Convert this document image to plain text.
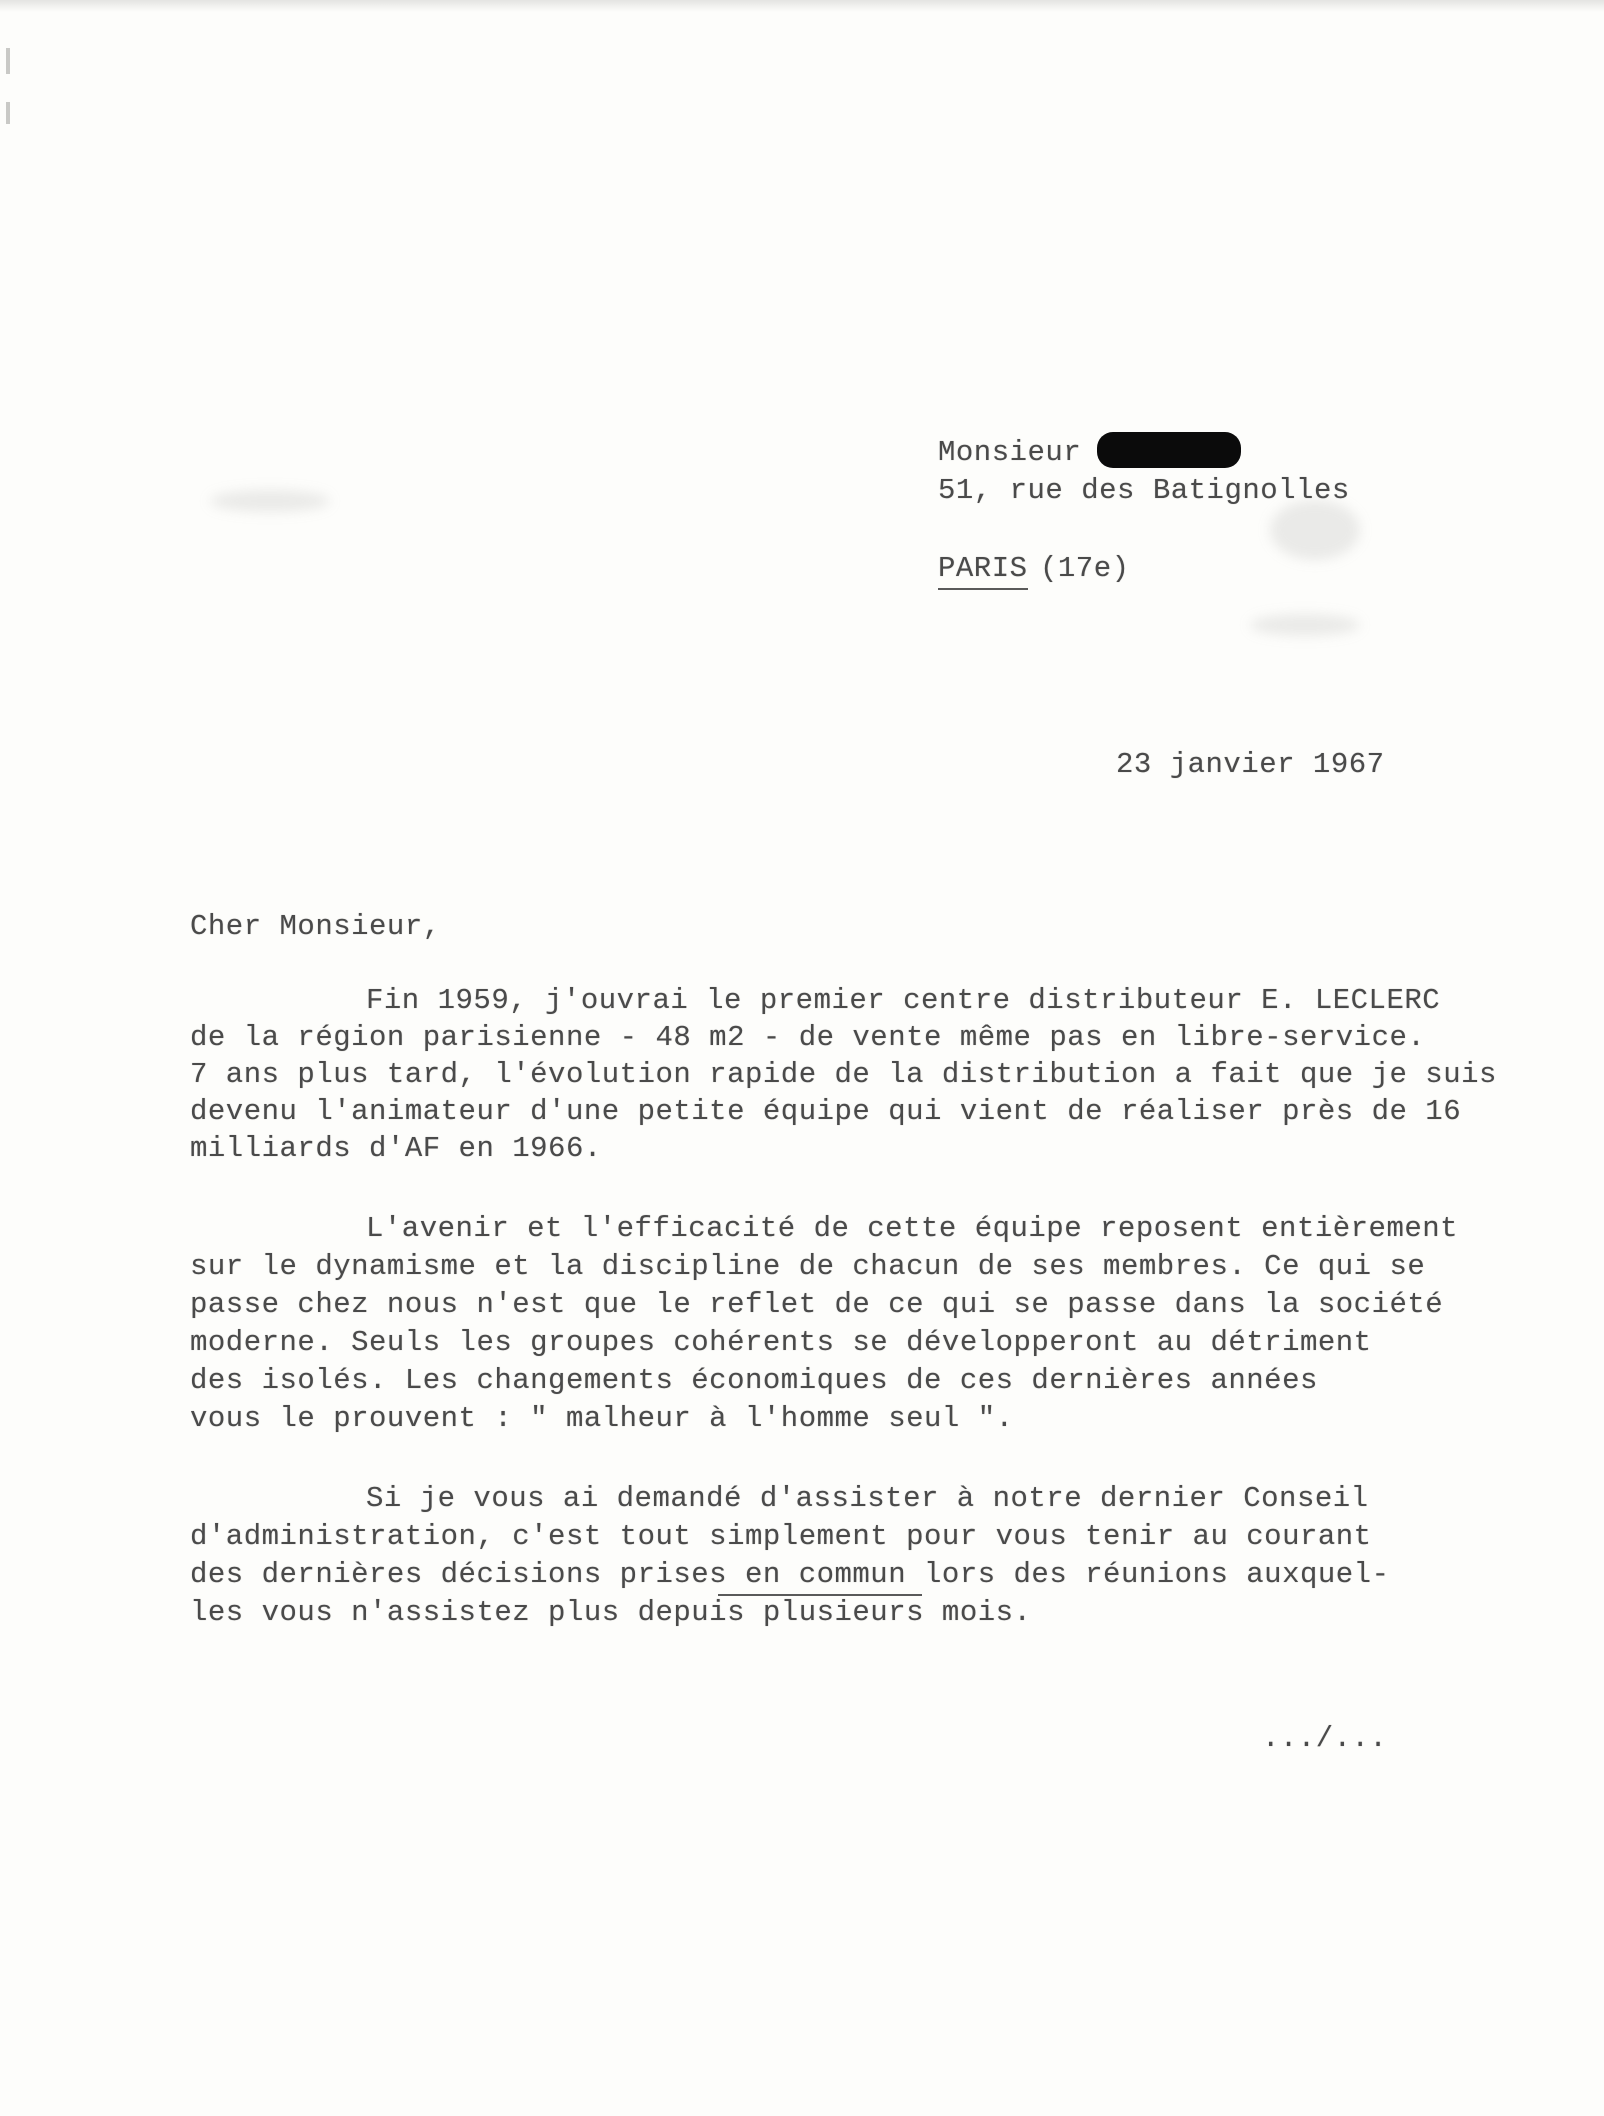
Monsieur
51, rue des Batignolles
PARIS (17e)
23 janvier 1967
Cher Monsieur,
Fin 1959, j'ouvrai le premier centre distributeur E. LECLERC
de la région parisienne - 48 m2 - de vente même pas en libre-service.
7 ans plus tard, l'évolution rapide de la distribution a fait que je suis
devenu l'animateur d'une petite équipe qui vient de réaliser près de 16
milliards d'AF en 1966.
L'avenir et l'efficacité de cette équipe reposent entièrement
sur le dynamisme et la discipline de chacun de ses membres. Ce qui se
passe chez nous n'est que le reflet de ce qui se passe dans la société
moderne. Seuls les groupes cohérents se développeront au détriment
des isolés. Les changements économiques de ces dernières années
vous le prouvent : " malheur à l'homme seul ".
Si je vous ai demandé d'assister à notre dernier Conseil
d'administration, c'est tout simplement pour vous tenir au courant
des dernières décisions prises en commun lors des réunions auxquel-
les vous n'assistez plus depuis plusieurs mois.
.../...
